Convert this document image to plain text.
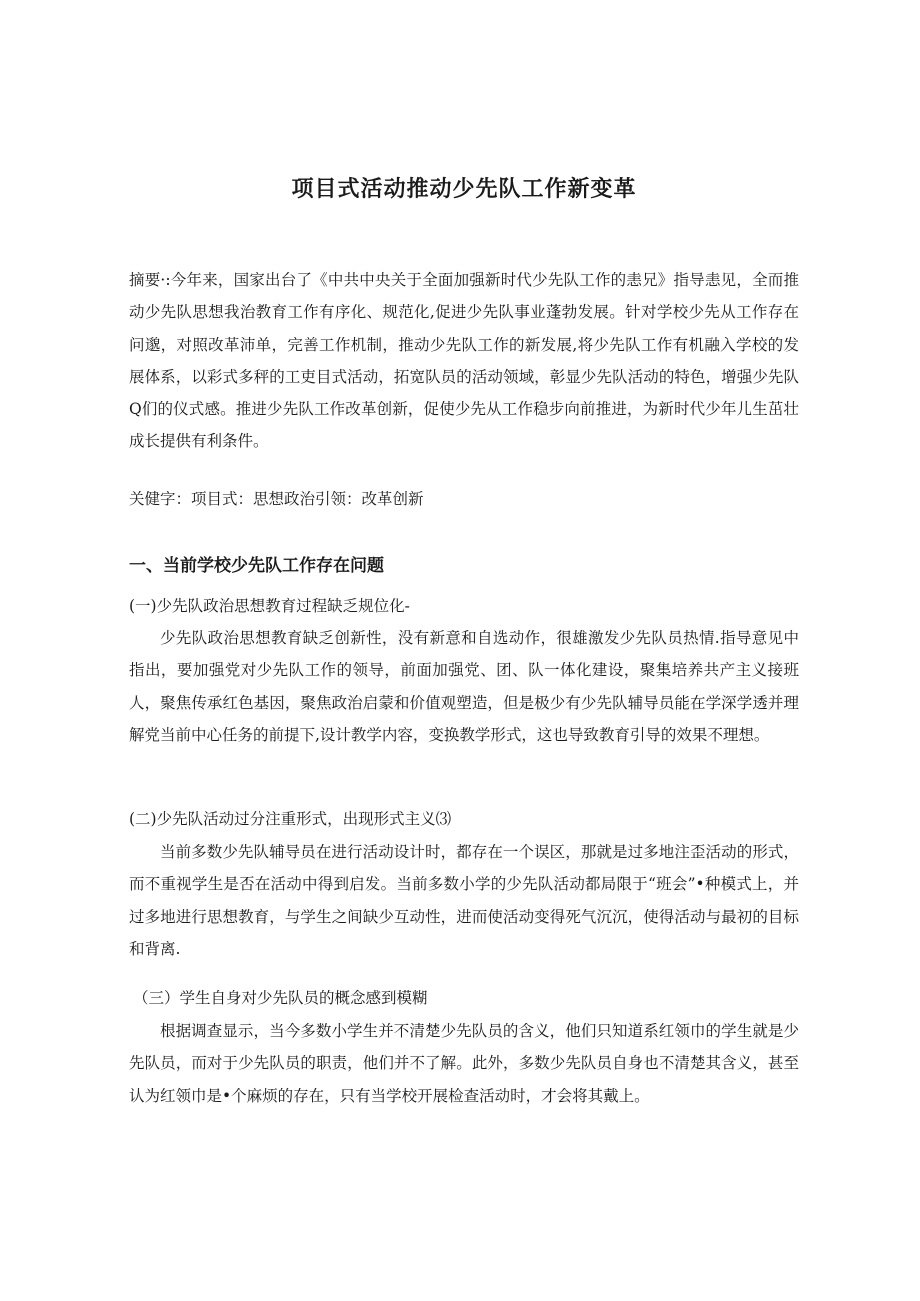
项目式活动推动少先队工作新变革
摘要·:今年来，国家出台了《中共中央关于全面加强新时代少先队工作的恚兄》指导恚见，全而推动少先队思想我治教育工作有序化、规范化,促进少先队事业蓬勃发展。针对学校少先从工作存在问邈，对照改革沛单，完善工作机制，推动少先队工作的新发展,将少先队工作有机融入学校的发展体系，以彩式多秤的工吏目式活动，拓宽队员的活动领域，彰显少先队活动的特色，增强少先队Q们的仪式感。推进少先队工作改革创新，促使少先从工作稳步向前推进，为新时代少年儿生茁壮成长提供有利条件。
关健字：项目式：思想政治引领：改革创新
一、当前学校少先队工作存在问题
(一)少先队政治思想教育过程缺乏规位化-
少先队政治思想教育缺乏创新性，没有新意和自选动作，很雄激发少先队员热情.指导意见中指出，要加强党对少先队工作的领导，前面加强党、团、队一体化建设，聚集培养共产主义接班人，聚焦传承红色基因，聚焦政治启蒙和价值观塑造，但是极少有少先队辅导员能在学深学透并理解党当前中心任务的前提下,设计教学内容，变换教学形式，这也导致教育引导的效果不理想。
(二)少先队活动过分注重形式，出现形式主义⑶
当前多数少先队辅导员在进行活动设计时，都存在一个误区，那就是过多地注歪活动的形式，而不重视学生是否在活动中得到启发。当前多数小学的少先队活动都局限于“班会”•种模式上，并过多地进行思想教育，与学生之间缺少互动性，进而使活动变得死气沉沉，使得活动与最初的目标和背离.
（三）学生自身对少先队员的概念感到模糊
根据调查显示，当今多数小学生并不清楚少先队员的含义，他们只知道系红领巾的学生就是少先队员，而对于少先队员的职责，他们并不了解。此外，多数少先队员自身也不清楚其含义，甚至认为红领巾是•个麻烦的存在，只有当学校开展检查活动时，才会将其戴上。
